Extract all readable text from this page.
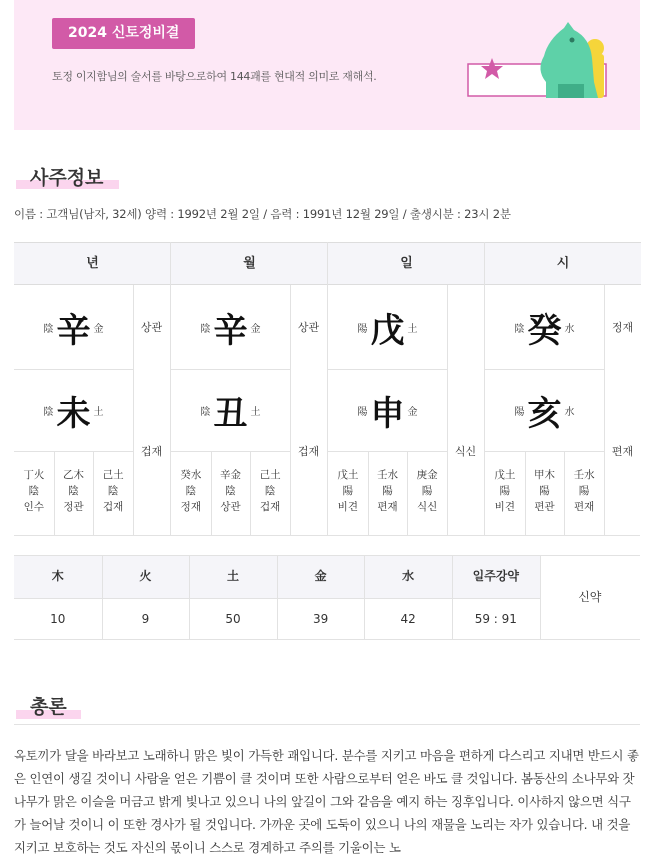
2024 신토정비결
토정 이지함님의 술서를 바탕으로하여 144괘를 현대적 의미로 재해석.
사주정보
이름 : 고객님(남자, 32세) 양력 : 1992년 2월 2일 / 음력 : 1991년 12월 29일 / 출생시분 : 23시 2분
년
陰 辛 金
陰 未 土
상관
겁재
丁火
陰
인수
乙木
陰
정관
己土
陰
겁재
월
陰 辛 金
陰 丑 土
상관
겁재
癸水
陰
정재
辛金
陰
상관
己土
陰
겁재
일
陽 戊 土
陽 申 金
식신
戊土
陽
비견
壬水
陽
편재
庚金
陽
식신
시
陰 癸 水
陽 亥 水
정재
편재
戊土
陽
비견
甲木
陽
편관
壬水
陽
편재
木
10
火
9
土
50
金
39
水
42
일주강약
59 : 91
신약
총론
옥토끼가 달을 바라보고 노래하니 맑은 빛이 가득한 괘입니다. 분수를 지키고 마음을 편하게 다스리고 지내면 반드시 좋은 인연이 생길 것이니 사람을 얻은 기쁨이 클 것이며 또한 사람으로부터 얻은 바도 클 것입니다. 봄동산의 소나무와 잣나무가 맑은 이슬을 머금고 밝게 빛나고 있으니 나의 앞길이 그와 같음을 예지 하는 징후입니다. 이사하지 않으면 식구가 늘어날 것이니 이 또한 경사가 될 것입니다. 가까운 곳에 도둑이 있으니 나의 재물을 노리는 자가 있습니다. 내 것을 지키고 보호하는 것도 자신의 몫이니 스스로 경계하고 주의를 기울이는 노
